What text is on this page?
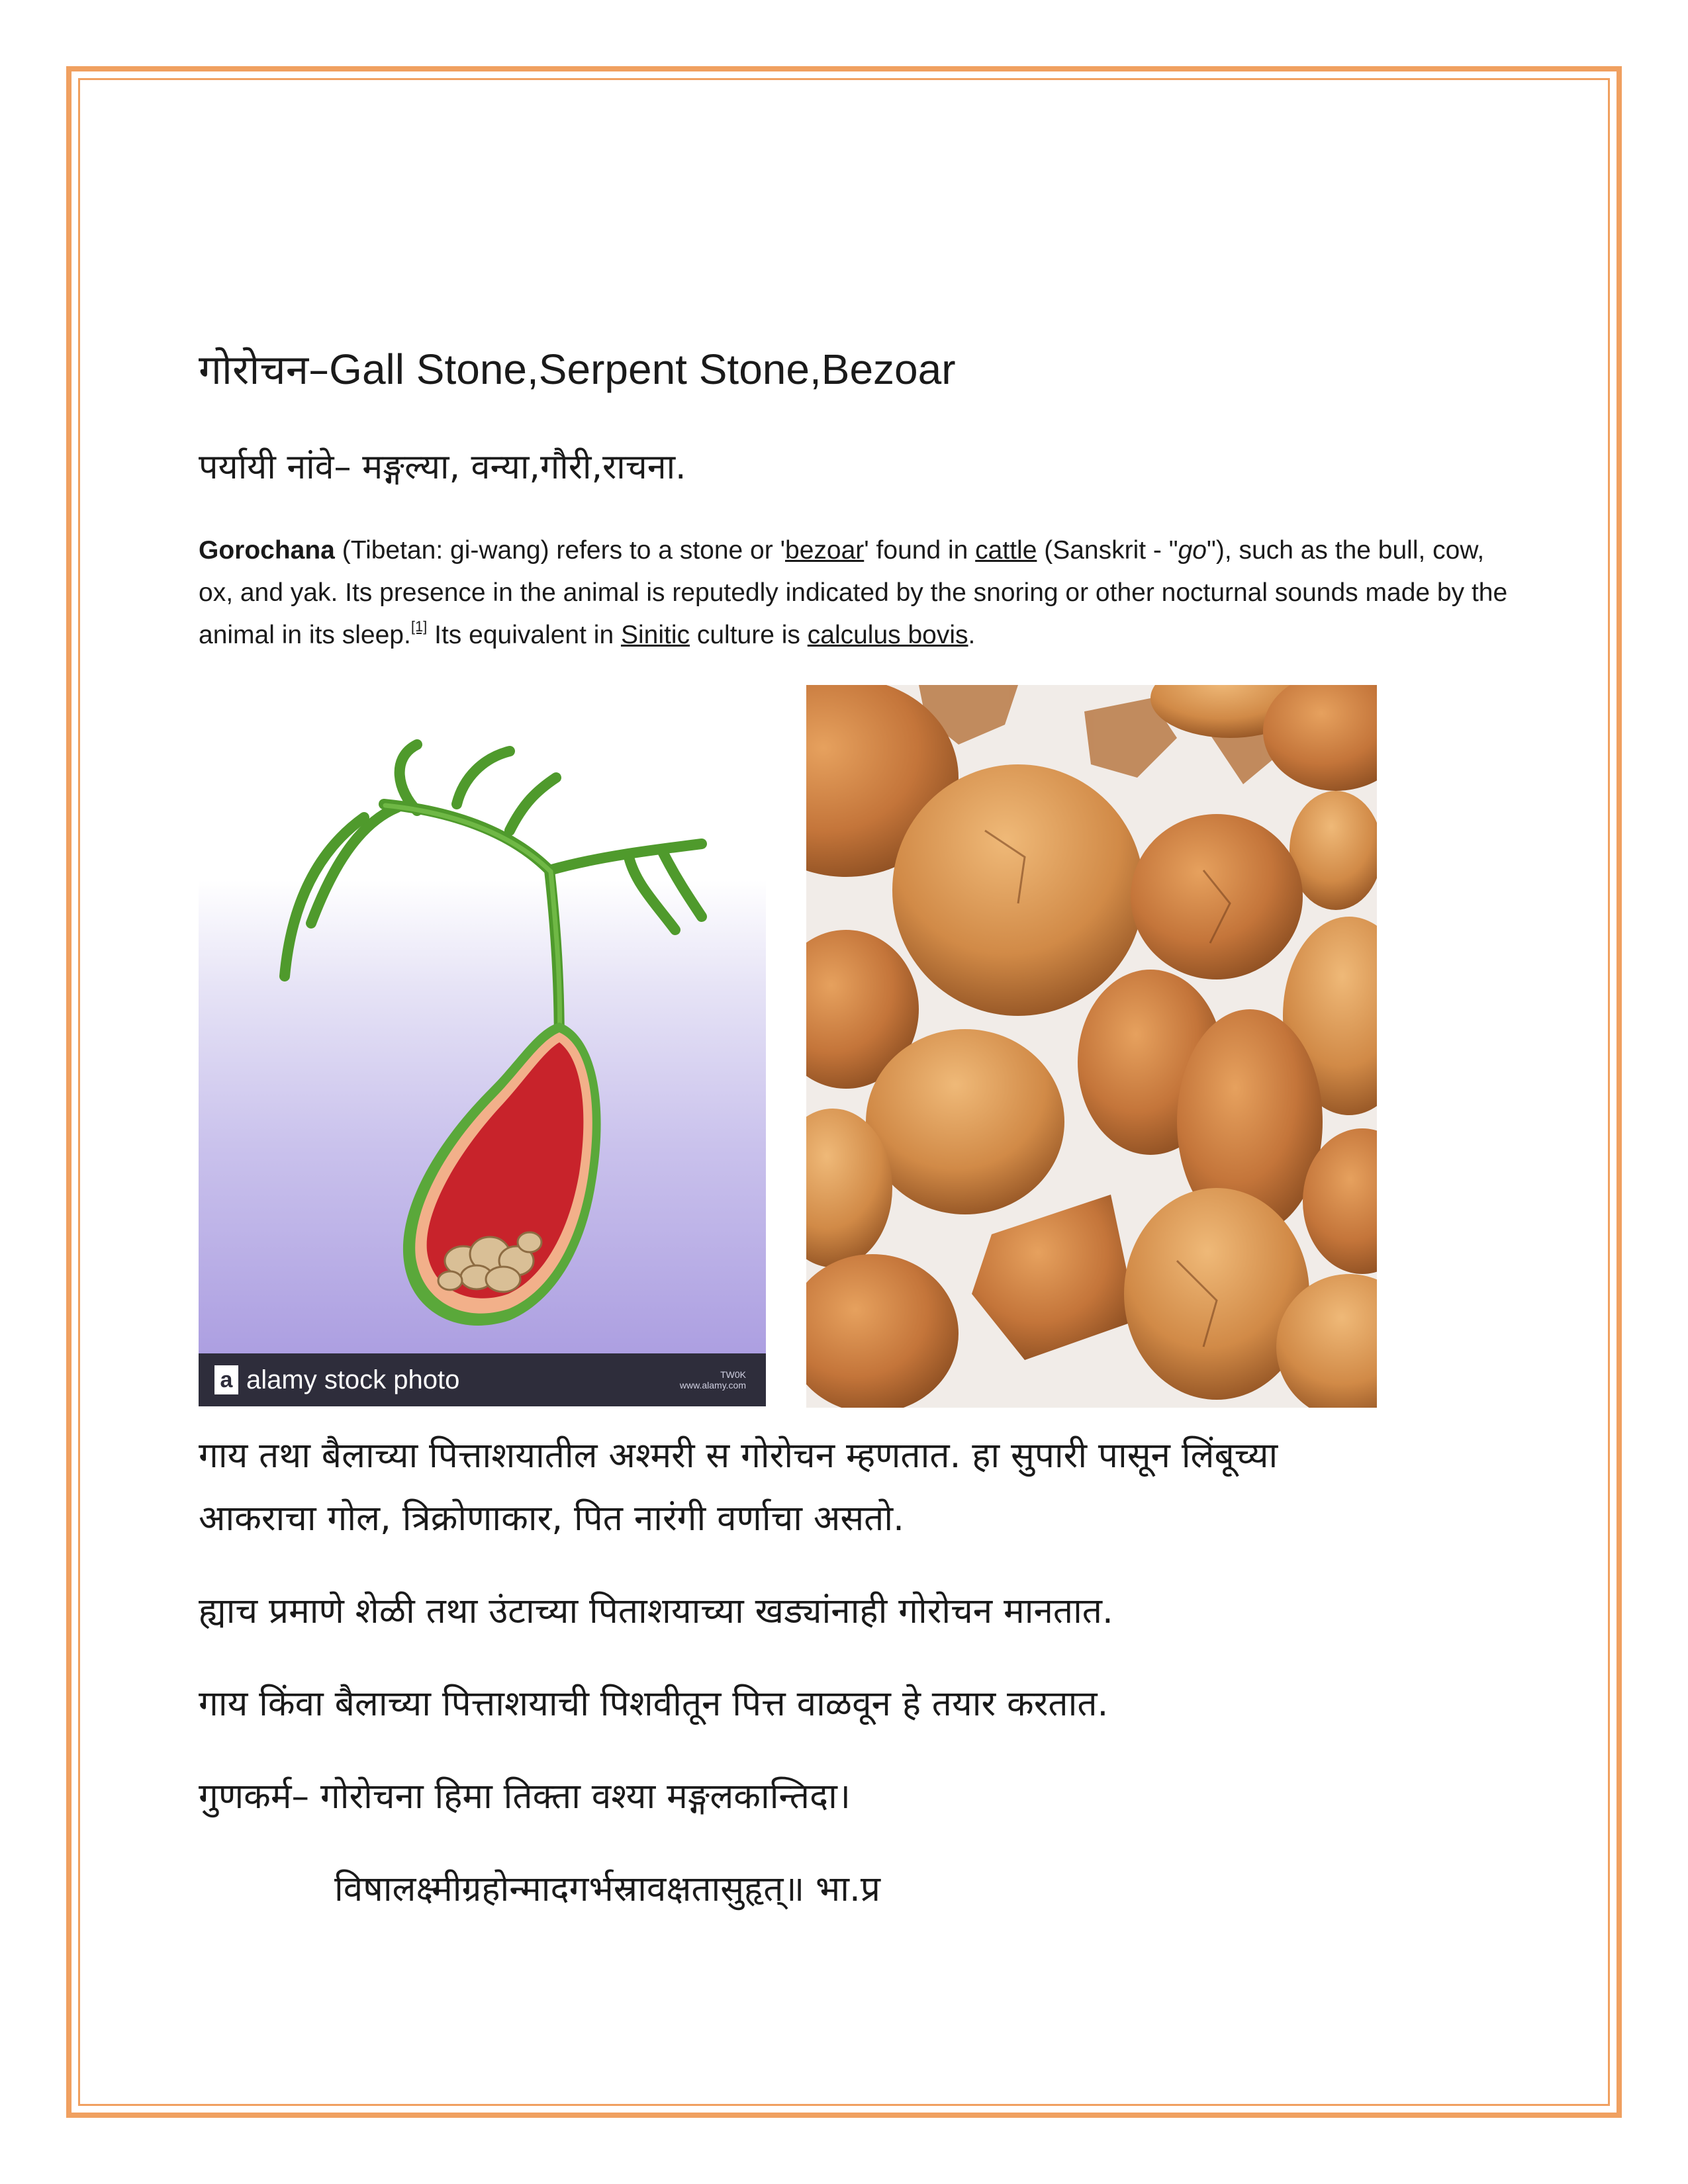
गोरोचन–Gall Stone,Serpent Stone,Bezoar
पर्यायी नांवे– मङ्गल्या, वन्या,गौरी,राचना.
Gorochana (Tibetan: gi-wang) refers to a stone or 'bezoar' found in cattle (Sanskrit - "go"), such as the bull, cow, ox, and yak. Its presence in the animal is reputedly indicated by the snoring or other nocturnal sounds made by the animal in its sleep.[1] Its equivalent in Sinitic culture is calculus bovis.
a alamy stock photo	TW0K
www.alamy.com
गाय तथा बैलाच्या पित्ताशयातील अश्मरी स गोरोचन म्हणतात. हा सुपारी पासून लिंबूच्या
आकराचा गोल, त्रिक्रोणाकार, पित नारंगी वर्णाचा असतो.
ह्याच प्रमाणे शेळी तथा उंटाच्या पिताशयाच्या खड्यांनाही गोरोचन मानतात.
गाय किंवा बैलाच्या पित्ताशयाची पिशवीतून पित्त वाळवून हे तयार करतात.
गुणकर्म– गोरोचना हिमा तिक्ता वश्या मङ्गलकान्तिदा।
विषालक्ष्मीग्रहोन्मादगर्भस्रावक्षतासुहृत्॥ भा.प्र
